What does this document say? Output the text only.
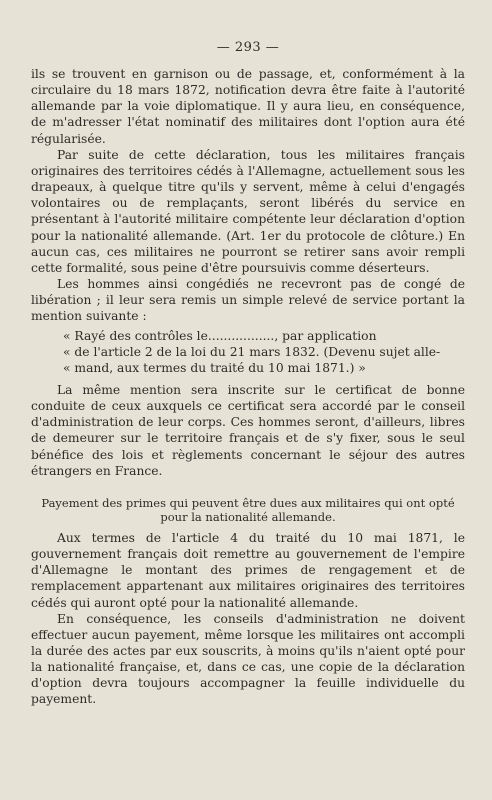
— 293 —

ils se trouvent en garnison ou de passage, et, conformément à la circulaire du 18 mars 1872, notification devra être faite à l'autorité allemande par la voie diplomatique. Il y aura lieu, en conséquence, de m'adresser l'état nominatif des militaires dont l'option aura été régularisée.

Par suite de cette déclaration, tous les militaires français originaires des territoires cédés à l'Allemagne, actuellement sous les drapeaux, à quelque titre qu'ils y servent, même à celui d'engagés volontaires ou de remplaçants, seront libérés du service en présentant à l'autorité militaire compétente leur déclaration d'option pour la nationalité allemande. (Art. 1er du protocole de clôture.) En aucun cas, ces militaires ne pourront se retirer sans avoir rempli cette formalité, sous peine d'être poursuivis comme déserteurs.

Les hommes ainsi congédiés ne recevront pas de congé de libération ; il leur sera remis un simple relevé de service portant la mention suivante :

« Rayé des contrôles le................., par application

« de l'article 2 de la loi du 21 mars 1832. (Devenu sujet alle-

« mand, aux termes du traité du 10 mai 1871.) »

La même mention sera inscrite sur le certificat de bonne conduite de ceux auxquels ce certificat sera accordé par le conseil d'administration de leur corps. Ces hommes seront, d'ailleurs, libres de demeurer sur le territoire français et de s'y fixer, sous le seul bénéfice des lois et règlements concernant le séjour des autres étrangers en France.

Payement des primes qui peuvent être dues aux militaires qui ont opté pour la nationalité allemande.

Aux termes de l'article 4 du traité du 10 mai 1871, le gouvernement français doit remettre au gouvernement de l'empire d'Allemagne le montant des primes de rengagement et de remplacement appartenant aux militaires originaires des territoires cédés qui auront opté pour la nationalité allemande.

En conséquence, les conseils d'administration ne doivent effectuer aucun payement, même lorsque les militaires ont accompli la durée des actes par eux souscrits, à moins qu'ils n'aient opté pour la nationalité française, et, dans ce cas, une copie de la déclaration d'option devra toujours accompagner la feuille individuelle du payement.
